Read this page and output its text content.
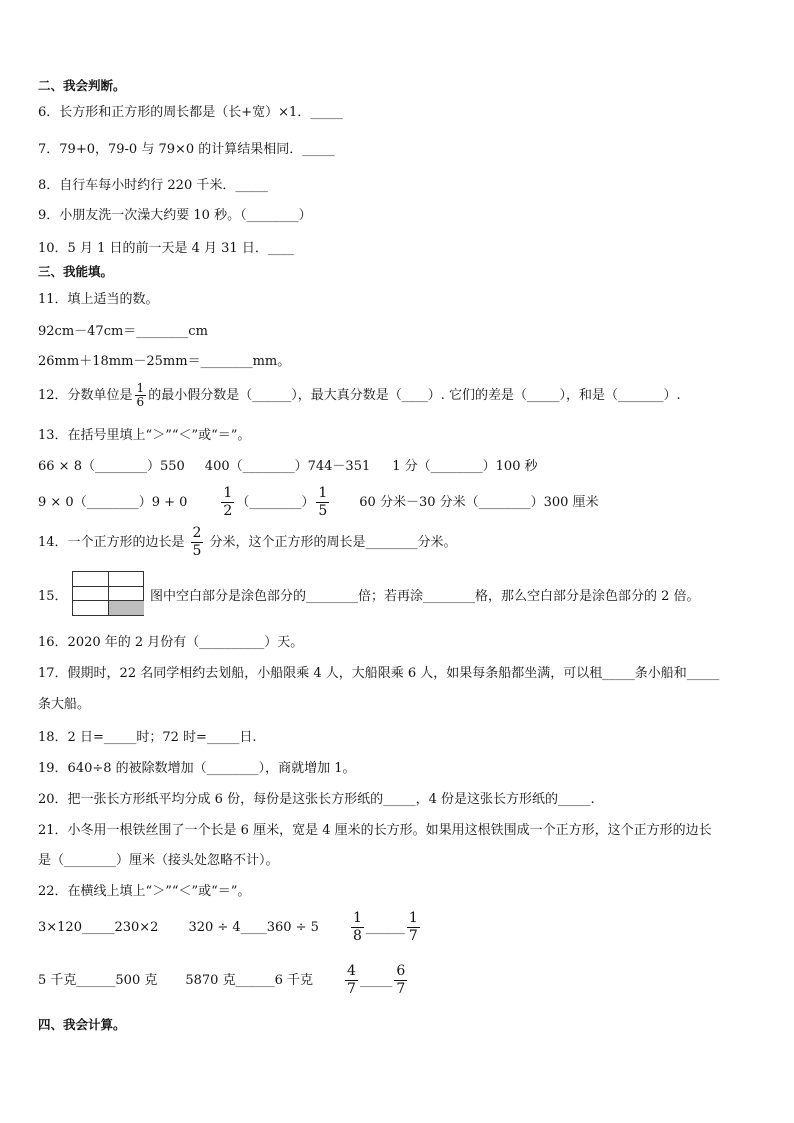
二、我会判断。
6．长方形和正方形的周长都是（长+宽）×1．_____
7．79+0，79-0 与 79×0 的计算结果相同．_____
8．自行车每小时约行 220 千米．_____
9．小朋友洗一次澡大约要 10 秒。（________）
10．5 月 1 日的前一天是 4 月 31 日．____
三、我能填。
11．填上适当的数。
92cm－47cm＝________cm
26mm＋18mm－25mm＝________mm。
12．分数单位是 $\frac{1}{6}$ 的最小假分数是（______），最大真分数是（____）. 它们的差是（_____），和是（_______）.
13．在括号里填上“＞”“＜”或“＝”。
66 × 8（________）550 400（________）744－351 1 分（________）100 秒
9 × 0（________）9 + $0 \frac{1}{2}$ （________） $\frac{1}{5} 60$ 分米－30 分米（________）300 厘米
14．一个正方形的边长是 $\frac{2}{5}$ 分米，这个正方形的周长是________分米。
15．	图中空白部分是涂色部分的________倍；若再涂________格，那么空白部分是涂色部分的 2 倍。
16．2020 年的 2 月份有（__________）天。
17．假期时，22 名同学相约去划船，小船限乘 4 人，大船限乘 6 人，如果每条船都坐满，可以租_____条小船和_____
条大船。
18．2 日=_____时；72 时=_____日.
19．640÷8 的被除数增加（________），商就增加 1。
20．把一张长方形纸平均分成 6 份，每份是这张长方形纸的_____，4 份是这张长方形纸的_____.
21．小冬用一根铁丝围了一个长是 6 厘米，宽是 4 厘米的长方形。如果用这根铁围成一个正方形，这个正方形的边长
是（________）厘米（接头处忽略不计）。
22．在横线上填上“＞”“＜”或“＝”。
3×120_____230×2 320 ÷ 4____360 ÷ $5 \frac{1}{8}$ ______ $\frac{1}{7}$
5 千克______500 克 5870 克______6 千克 $\frac{4}{7}$ _____ $\frac{6}{7}$
四、我会计算。
